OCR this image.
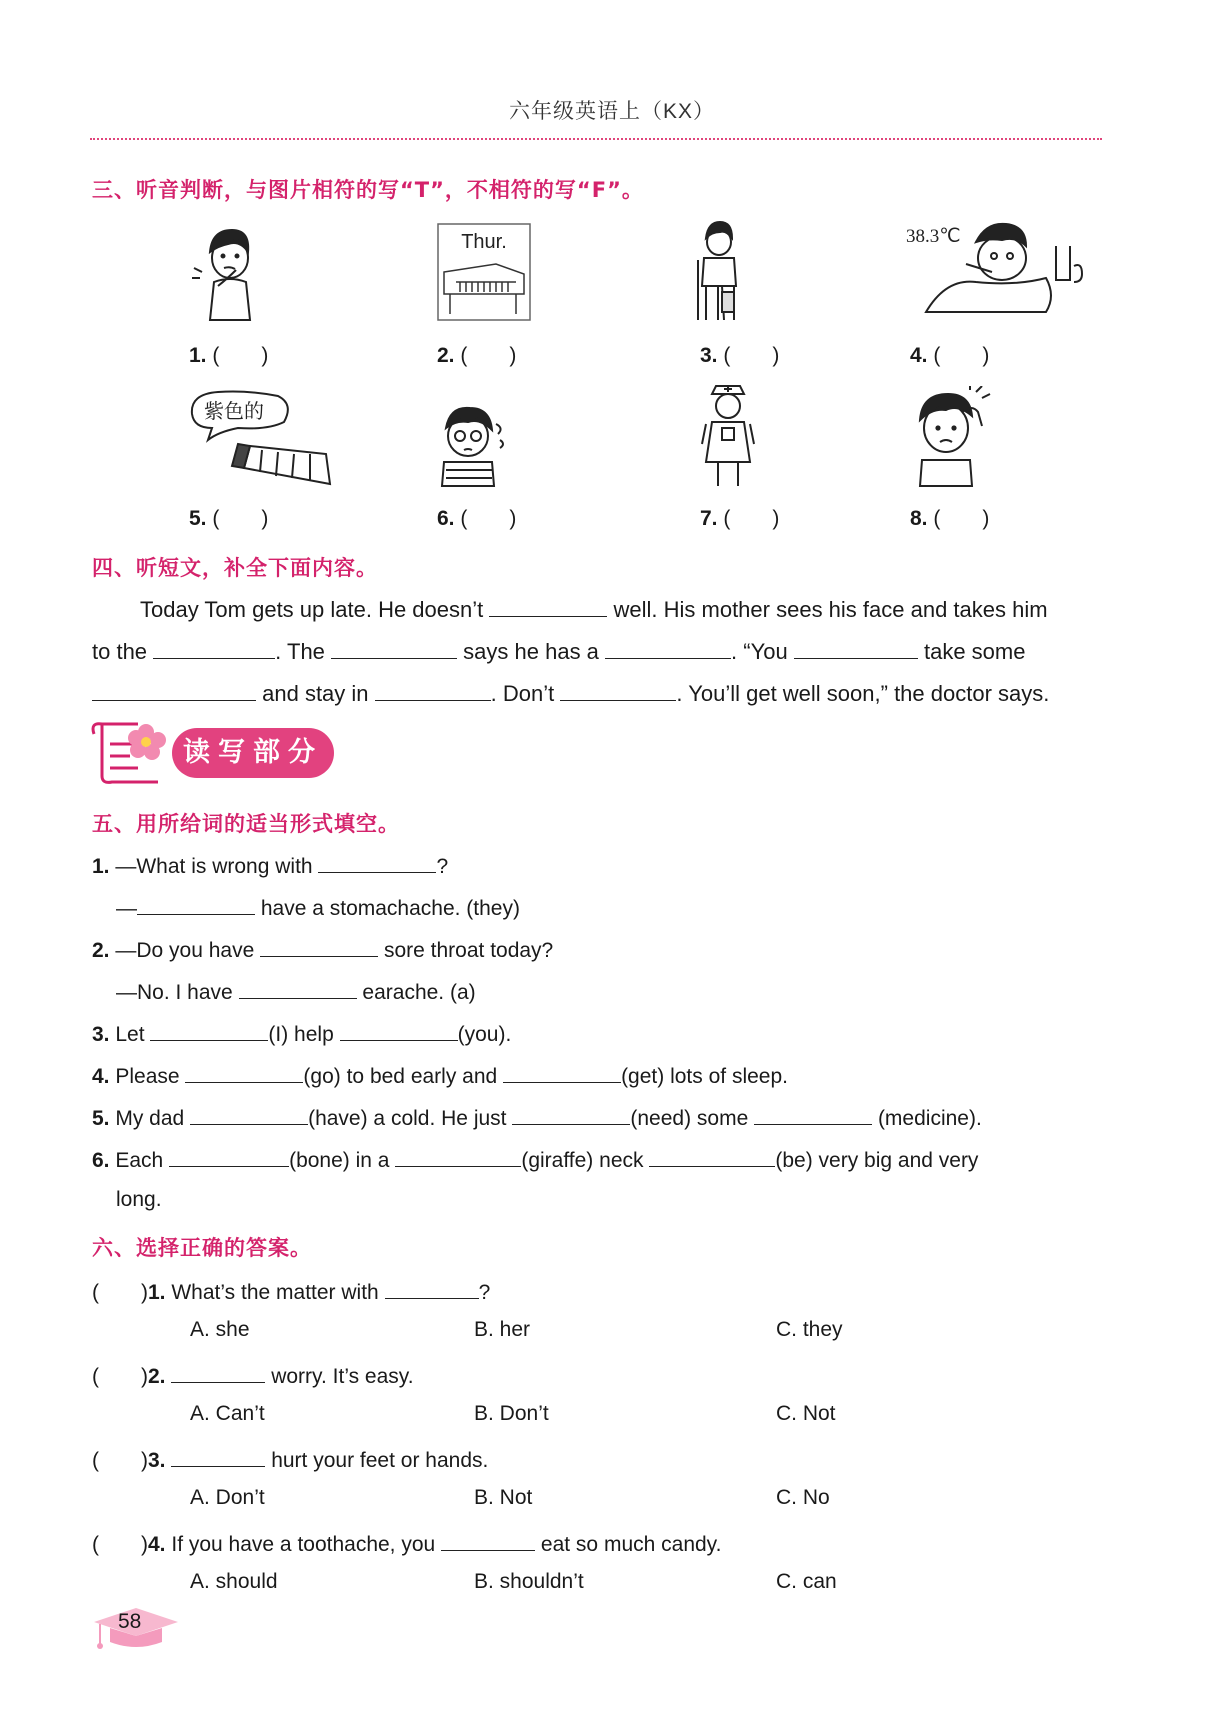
六年级英语上（KX）
三、听音判断，与图片相符的写“T”，不相符的写“F”。
Thur.	38.3℃
1. (　　)	2. (　　)	3. (　　)	4. (　　)
紫色的
5. (　　)	6. (　　)	7. (　　)	8. (　　)
四、听短文，补全下面内容。
Today Tom gets up late. He doesn’t	well. His mother sees his face and takes him
to the	. The	says he has a	. “You	take some
and stay in	. Don’t	. You’ll get well soon,” the doctor says.
读写部分
五、用所给词的适当形式填空。
1. —What is wrong with	?
—	have a stomachache. (they)
2. —Do you have	sore throat today?
—No. I have	earache. (a)
3. Let	(I) help	(you).
4. Please	(go) to bed early and	(get) lots of sleep.
5. My dad	(have) a cold. He just	(need) some	(medicine).
6. Each	(bone) in a	(giraffe) neck	(be) very big and very
long.
六、选择正确的答案。
(　　)1. What’s the matter with	?
A. she	B. her	C. they
(　　)2.	worry. It’s easy.
A. Can’t	B. Don’t	C. Not
(　　)3.	hurt your feet or hands.
A. Don’t	B. Not	C. No
(　　)4. If you have a toothache, you	eat so much candy.
A. should	B. shouldn’t	C. can
58
